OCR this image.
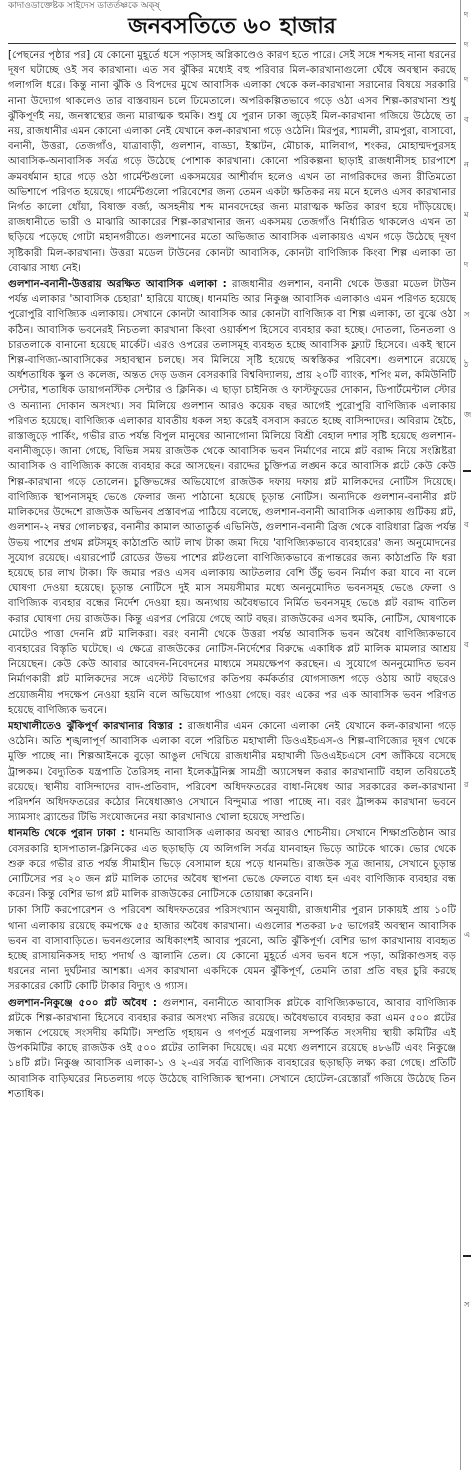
কাদাওডাক্তেষ্টক সাইদেস ডাতর্তষ্ণকে অক্ষ্
জনবসতিতে ৬০ হাজার

[পেছনের পৃষ্ঠার পর] যে কোনো মুহূর্তে ধসে পড়াসহ অগ্নিকাণ্ডেও কারণ হতে পারে। সেই সঙ্গে শব্দসহ নানা ধরনের দূষণ ঘটাচ্ছে ওই সব কারখানা। এত সব ঝুঁকির মধ্যেই বহু পরিবার মিল-কারখানাগুলো ঘেঁষে অবস্থান করছে গলাগলি ধরে। কিন্তু নানা ঝুঁকি ও বিপদের মুখে আবাসিক এলাকা থেকে কল-কারখানা সরানোর বিষয়ে সরকারি নানা উদ্যোগ থাকলেও তার বাস্তবায়ন চলে ঢিমেতালে। অপরিকল্পিতভাবে গড়ে ওঠা এসব শিল্প-কারখানা শুধু ঝুঁকিপূর্ণই নয়, জনস্বাস্থ্যের জন্য মারাত্মক হুমকি। শুধু যে পুরান ঢাকা জুড়েই মিল-কারখানা গজিয়ে উঠেছে তা নয়, রাজধানীর এমন কোনো এলাকা নেই যেখানে কল-কারখানা গড়ে ওঠেনি। মিরপুর, শ্যামলী, রামপুরা, বাসাবো, বনানী, উত্তরা, তেজগাঁও, যাত্রাবাড়ী, গুলশান, বাড্ডা, ইস্কাটন, মৌচাক, মালিবাগ, শংকর, মোহাম্মদপুরসহ আবাসিক-অনাবাসিক সর্বত্র গড়ে উঠেছে পোশাক কারখানা। কোনো পরিকল্পনা ছাড়াই রাজধানীসহ চারপাশে ক্রমবর্ধমান হারে গড়ে ওঠা গার্মেন্টগুলো একসময়ের আশীর্বাদ হলেও এখন তা নাগরিকদের জন্য রীতিমতো অভিশাপে পরিণত হয়েছে। গার্মেন্টগুলো পরিবেশের জন্য তেমন একটা ক্ষতিকর নয় মনে হলেও এসব কারখানার নির্গত কালো ধোঁয়া, বিষাক্ত বর্জ্য, অসহনীয় শব্দ মানবদেহের জন্য মারাত্মক ক্ষতির কারণ হয়ে দাঁড়িয়েছে। রাজধানীতে ভারী ও মাঝারি আকারের শিল্প-কারখানার জন্য একসময় তেজগাঁও নির্ধারিত থাকলেও এখন তা ছড়িয়ে পড়েছে গোটা মহানগরীতে। গুলশানের মতো অভিজাত আবাসিক এলাকায়ও এখন গড়ে উঠেছে দূষণ সৃষ্টিকারী মিল-কারখানা। উত্তরা মডেল টাউনের কোনটা আবাসিক, কোনটা বাণিজ্যিক কিংবা শিল্প এলাকা তা বোঝার সাধ্য নেই।

গুলশান-বনানী-উত্তরায় অরক্ষিত আবাসিক এলাকা : রাজধানীর গুলশান, বনানী থেকে উত্তরা মডেল টাউন পর্যন্ত এলাকার 'আবাসিক চেহারা' হারিয়ে যাচ্ছে। ধানমন্ডি আর নিকুঞ্জ আবাসিক এলাকাও এমন পরিণত হয়েছে পুরোপুরি বাণিজ্যিক এলাকায়। সেখানে কোনটা আবাসিক আর কোনটা বাণিজ্যিক বা শিল্প এলাকা, তা বুঝে ওঠা কঠিন। আবাসিক ভবনেরই নিচতলা কারখানা কিংবা ওয়ার্কশপ হিসেবে ব্যবহার করা হচ্ছে। দোতলা, তিনতলা ও চারতলাকে বানানো হয়েছে মার্কেট। এরও ওপরের তলাসমূহ ব্যবহৃত হচ্ছে আবাসিক ফ্ল্যাট হিসেবে। একই স্থানে শিল্প-বাণিজ্য-আবাসিকের সহাবস্থান চলছে। সব মিলিয়ে সৃষ্টি হয়েছে অস্বস্তিকর পরিবেশ। গুলশানে রয়েছে অর্ধশতাধিক স্কুল ও কলেজ, অন্তত দেড় ডজন বেসরকারি বিশ্ববিদ্যালয়, প্রায় ২০টি ব্যাংক, শপিং মল, কমিউনিটি সেন্টার, শতাধিক ডায়াগনস্টিক সেন্টার ও ক্লিনিক। এ ছাড়া চাইনিজ ও ফাস্টফুডের দোকান, ডিপার্টমেন্টাল স্টোর ও অন্যান্য দোকান অসংখ্য। সব মিলিয়ে গুলশান আরও কয়েক বছর আগেই পুরোপুরি বাণিজ্যিক এলাকায় পরিণত হয়েছে। বাণিজ্যিক এলাকার যাবতীয় ধকল সহ্য করেই বসবাস করতে হচ্ছে বাসিন্দাদের। অবিরাম হৈচৈ, রাস্তাজুড়ে পার্কিং, গভীর রাত পর্যন্ত বিপুল মানুষের আনাগোনা মিলিয়ে বিশ্রী বেহাল দশার সৃষ্টি হয়েছে গুলশান-বনানীজুড়ে। জানা গেছে, বিভিন্ন সময় রাজউক থেকে আবাসিক ভবন নির্মাণের নামে প্লট বরাদ্দ নিয়ে সংশ্লিষ্টরা আবাসিক ও বাণিজ্যিক কাজে ব্যবহার করে আসছেন। বরাদ্দের চুক্তিপত্র লঙ্ঘন করে আবাসিক প্লটে কেউ কেউ শিল্প-কারখানা গড়ে তোলেন। চুক্তিভঙ্গের অভিযোগে রাজউক দফায় দফায় প্লট মালিকদের নোটিস দিয়েছে। বাণিজ্যিক স্থাপনাসমূহ ভেঙে ফেলার জন্য পাঠানো হয়েছে চূড়ান্ত নোটিস। অন্যদিকে গুলশান-বনানীর প্লট মালিকদের উদ্দেশে রাজউক অভিনব প্রস্তাবপত্র পাঠিয়ে বলেছে, গুলশান-বনানী আবাসিক এলাকায় গুটিকয় প্লট, গুলশান-২ নম্বর গোলচত্বর, বনানীর কামাল আতাতুর্ক এভিনিউ, গুলশান-বনানী ব্রিজ থেকে বারিধারা ব্রিজ পর্যন্ত উভয় পাশের প্রথম প্লটসমূহ কাঠাপ্রতি আট লাখ টাকা জমা দিয়ে 'বাণিজ্যিকভাবে ব্যবহারের' জন্য অনুমোদনের সুযোগ রয়েছে। এয়ারপোর্ট রোডের উভয় পাশের প্লটগুলো বাণিজ্যিকভাবে রূপান্তরের জন্য কাঠাপ্রতি ফি ধরা হয়েছে চার লাখ টাকা। ফি জমার পরও এসব এলাকায় আটতলার বেশি উঁচু ভবন নির্মাণ করা যাবে না বলে ঘোষণা দেওয়া হয়েছে। চূড়ান্ত নোটিসে দুই মাস সময়সীমার মধ্যে অননুমোদিত ভবনসমূহ ভেঙে ফেলা ও বাণিজ্যিক ব্যবহার বন্ধের নির্দেশ দেওয়া হয়। অন্যথায় অবৈধভাবে নির্মিত ভবনসমূহ ভেঙে প্লট বরাদ্দ বাতিল করার ঘোষণা দেয় রাজউক। কিন্তু এরপর পেরিয়ে গেছে আট বছর। রাজউকের এসব হুমকি, নোটিস, ঘোষণাকে মোটেও পাত্তা দেননি প্লট মালিকরা। বরং বনানী থেকে উত্তরা পর্যন্ত আবাসিক ভবন অবৈধ বাণিজ্যিকভাবে ব্যবহারের বিস্তৃতি ঘটেছে। এ ক্ষেত্রে রাজউকের নোটিস-নির্দেশের বিরুদ্ধে একাধিক প্লট মালিক মামলার আশ্রয় নিয়েছেন। কেউ কেউ আবার আবেদন-নিবেদনের মাধ্যমে সময়ক্ষেপণ করছেন। এ সুযোগে অননুমোদিত ভবন নির্মাণকারী প্লট মালিকদের সঙ্গে এস্টেট বিভাগের কতিপয় কর্মকর্তার যোগসাজশ গড়ে ওঠায় আট বছরেও প্রয়োজনীয় পদক্ষেপ নেওয়া হয়নি বলে অভিযোগ পাওয়া গেছে। বরং একের পর এক আবাসিক ভবন পরিণত হয়েছে বাণিজ্যিক ভবনে।

মহাখালীতেও ঝুঁকিপূর্ণ কারখানার বিস্তার : রাজধানীর এমন কোনো এলাকা নেই যেখানে কল-কারখানা গড়ে ওঠেনি। অতি শৃঙ্খলাপূর্ণ আবাসিক এলাকা বলে পরিচিত মহাখালী ডিওএইচএস-ও শিল্প-বাণিজ্যের দূষণ থেকে মুক্তি পাচ্ছে না। শিল্পআইনকে বুড়ো আঙুল দেখিয়ে রাজধানীর মহাখালী ডিওএইচএসে বেশ জাঁকিয়ে বসেছে ট্রান্সকম। বৈদ্যুতিক যন্ত্রপাতি তৈরিসহ নানা ইলেকট্রনিক্স সামগ্রী অ্যাসেম্বল করার কারখানাটি বহাল তবিয়তেই রয়েছে। স্থানীয় বাসিন্দাদের বাদ-প্রতিবাদ, পরিবেশ অধিদফতরের বাধা-নিষেধ আর সরকারের কল-কারখানা পরিদর্শন অধিদফতরের কঠোর নিষেধাজ্ঞাও সেখানে বিন্দুমাত্র পাত্তা পাচ্ছে না। বরং ট্রান্সকম কারখানা ভবনে স্যামসাং ব্র্যান্ডের টিভি সংযোজনের নয়া কারখানাও খোলা হয়েছে সম্প্রতি।

ধানমন্ডি থেকে পুরান ঢাকা : ধানমন্ডি আবাসিক এলাকার অবস্থা আরও শোচনীয়। সেখানে শিক্ষাপ্রতিষ্ঠান আর বেসরকারি হাসপাতাল-ক্লিনিকের এত ছড়াছড়ি যে অলিগলি সর্বত্র যানবাহন ভিড়ে আটকে থাকে। ভোর থেকে শুরু করে গভীর রাত পর্যন্ত সীমাহীন ভিড়ে বেসামাল হয়ে পড়ে ধানমন্ডি। রাজউক সূত্র জানায়, সেখানে চূড়ান্ত নোটিসের পর ২০ জন প্লট মালিক তাদের অবৈধ স্থাপনা ভেঙে ফেলতে বাধ্য হন এবং বাণিজ্যিক ব্যবহার বন্ধ করেন। কিন্তু বেশির ভাগ প্লট মালিক রাজউকের নোটিসকে তোয়াক্কা করেননি।

ঢাকা সিটি করপোরেশন ও পরিবেশ অধিদফতরের পরিসংখ্যান অনুযায়ী, রাজধানীর পুরান ঢাকায়ই প্রায় ১০টি থানা এলাকায় রয়েছে কমপক্ষে ৫৫ হাজার অবৈধ কারখানা। এগুলোর শতকরা ৮৫ ভাগেরই অবস্থান আবাসিক ভবন বা বাসাবাড়িতে। ভবনগুলোর অধিকাংশই আবার পুরনো, অতি ঝুঁকিপূর্ণ। বেশির ভাগ কারখানায় ব্যবহৃত হচ্ছে রাসায়নিকসহ দাহ্য পদার্থ ও জ্বালানি তেল। যে কোনো মুহূর্তে এসব ভবন ধসে পড়া, অগ্নিকাণ্ডসহ বড় ধরনের নানা দুর্ঘটনার আশঙ্কা। এসব কারখানা একদিকে যেমন ঝুঁকিপূর্ণ, তেমনি তারা প্রতি বছর চুরি করছে সরকারের কোটি কোটি টাকার বিদ্যুৎ ও গ্যাস।

গুলশান-নিকুঞ্জে ৫০০ প্লট অবৈধ : গুলশান, বনানীতে আবাসিক প্লটকে বাণিজ্যিকভাবে, আবার বাণিজ্যিক প্লটকে শিল্প-কারখানা হিসেবে ব্যবহার করার অসংখ্য নজির রয়েছে। অবৈধভাবে ব্যবহার করা এমন ৫০০ প্লটের সন্ধান পেয়েছে সংসদীয় কমিটি। সম্প্রতি গৃহায়ন ও গণপূর্ত মন্ত্রণালয় সম্পর্কিত সংসদীয় স্থায়ী কমিটির এই উপকমিটির কাছে রাজউক ওই ৫০০ প্লটের তালিকা দিয়েছে। এর মধ্যে গুলশানে রয়েছে ৪৮৬টি এবং নিকুঞ্জে ১৪টি প্লট। নিকুঞ্জ আবাসিক এলাকা-১ ও ২-এর সর্বত্র বাণিজ্যিক ব্যবহারের ছড়াছড়ি লক্ষ্য করা গেছে। প্রতিটি আবাসিক বাড়িঘরের নিচতলায় গড়ে উঠেছে বাণিজ্যিক স্থাপনা। সেখানে হোটেল-রেস্তোরাঁ গজিয়ে উঠেছে তিন শতাধিক।

দ
দ
দ
ব
ন
ম
দ
স
ঠ
জ
ব
ব
র
এ
স
